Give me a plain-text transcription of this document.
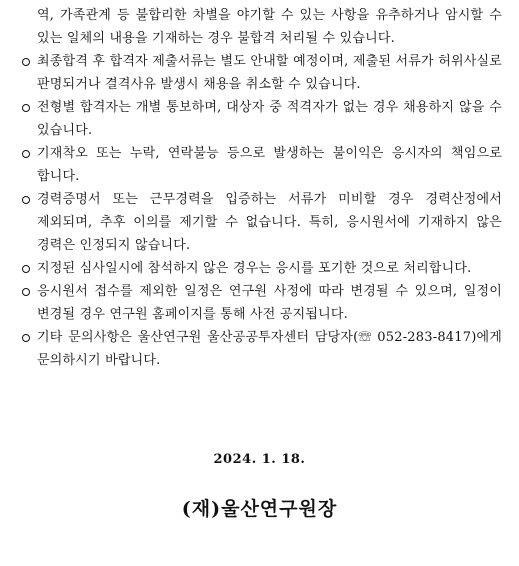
역, 가족관계 등 불합리한 차별을 야기할 수 있는 사항을 유추하거나 암시할 수 있는 일체의 내용을 기재하는 경우 불합격 처리될 수 있습니다.
최종합격 후 합격자 제출서류는 별도 안내할 예정이며, 제출된 서류가 허위사실로 판명되거나 결격사유 발생시 채용을 취소할 수 있습니다.
전형별 합격자는 개별 통보하며, 대상자 중 적격자가 없는 경우 채용하지 않을 수 있습니다.
기재착오 또는 누락, 연락불능 등으로 발생하는 불이익은 응시자의 책임으로 합니다.
경력증명서 또는 근무경력을 입증하는 서류가 미비할 경우 경력산정에서 제외되며, 추후 이의를 제기할 수 없습니다. 특히, 응시원서에 기재하지 않은 경력은 인정되지 않습니다.
지정된 심사일시에 참석하지 않은 경우는 응시를 포기한 것으로 처리합니다.
응시원서 접수를 제외한 일정은 연구원 사정에 따라 변경될 수 있으며, 일정이 변경될 경우 연구원 홈페이지를 통해 사전 공지됩니다.
기타 문의사항은 울산연구원 울산공공투자센터 담당자(☏ 052-283-8417)에게 문의하시기 바랍니다.
2024. 1. 18.
(재)울산연구원장
